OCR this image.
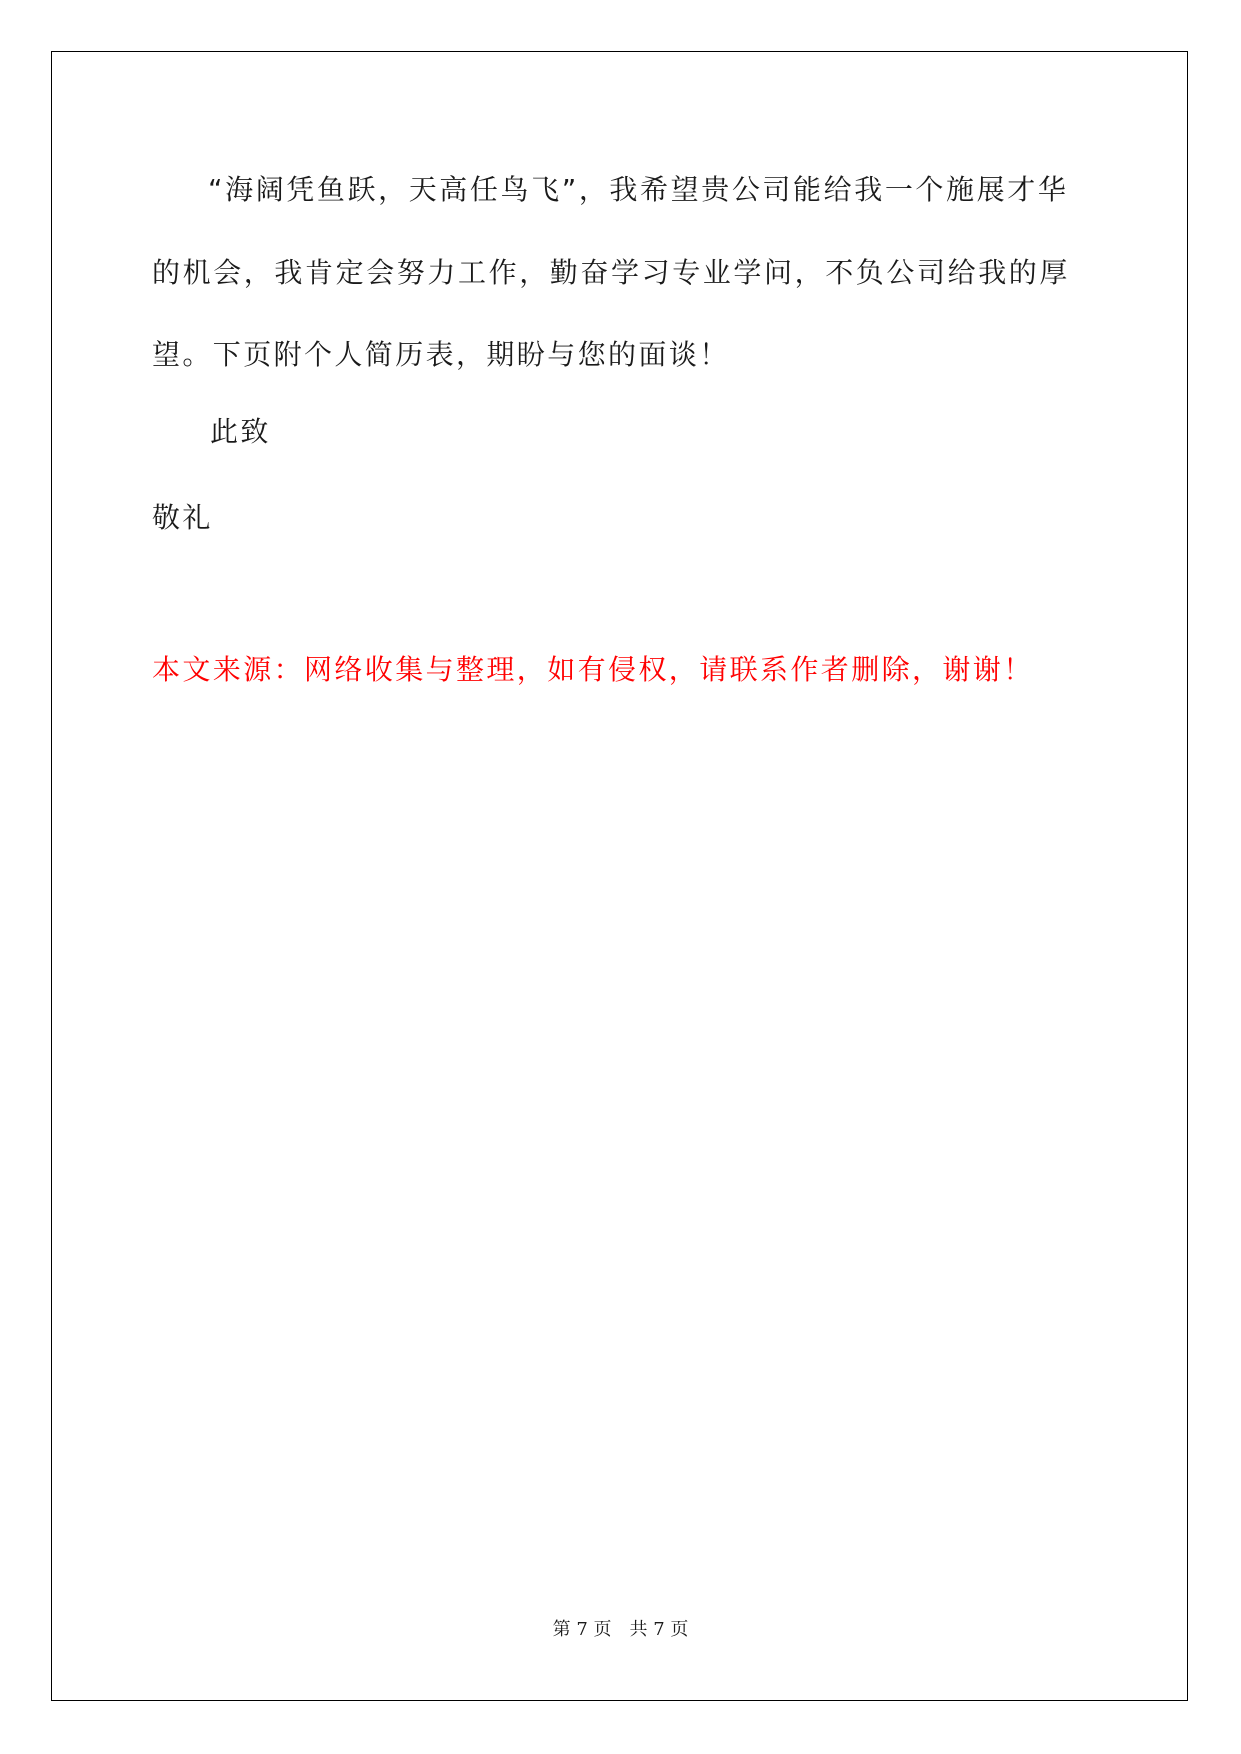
“海阔凭鱼跃，天高任鸟飞”，我希望贵公司能给我一个施展才华
的机会，我肯定会努力工作，勤奋学习专业学问，不负公司给我的厚
望。下页附个人简历表，期盼与您的面谈！
此致
敬礼
本文来源：网络收集与整理，如有侵权，请联系作者删除，谢谢！
第 7 页　共 7 页
